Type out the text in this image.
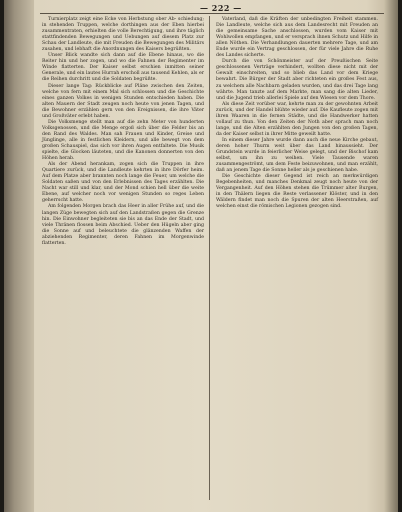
— 222 —

Turnierplatz zeigt eine Ecke von Herbstung ober Ab- schiedung; in stehenden Truppen, welche dorthingen aus der Eben hierbei zusammentraten, erhielten die volle Berechtigung, und ihre täglich stattfindenden Bewegungen und Uebungen auf diesem Platz zur Schau der Landleute, die mit Freuden die Bewegungen des Militärs zusahen, und lebhaft die Anordnungen des Kaisers begrüßten.

Unser Blick wandte sich dann auf die Ebene hinaus, wo die Reiter hin und her zogen, und wo die Fahnen der Regimenter im Winde flatterten. Der Kaiser selbst erschien inmitten seiner Generale, und ein lautes Hurrah erscholl aus tausend Kehlen, als er die Reihen durchritt und die Soldaten begrüßte.

Dieser lange Tag: Rückblicke auf Pläne zwischen den Zeiten, welche von fern mit einem Mal sich schlossen und die Geschichte eines ganzen Volkes in wenigen Stunden entschieden haben. Die alten Mauern der Stadt zeugen noch heute von jenen Tagen, und die Bewohner erzählen gern von den Ereignissen, die ihre Väter und Großväter erlebt haben.

Die Volksmenge stellt man auf die zehn Meter von hunderten Volksgenossen, und die Menge ergoß sich über die Felder bis an den Rand des Waldes. Man sah Frauen und Kinder, Greise und Jünglinge, alle in festlichen Kleidern, und alle bewegt von dem großen Schauspiel, das sich vor ihren Augen entfaltete. Die Musik spielte, die Glocken läuteten, und die Kanonen donnerten von den Höhen herab.

Als der Abend herankam, zogen sich die Truppen in ihre Quartiere zurück, und die Landleute kehrten in ihre Dörfer heim. Auf dem Platze aber brannten noch lange die Feuer, um welche die Soldaten saßen und von den Erlebnissen des Tages erzählten. Die Nacht war still und klar, und der Mond schien hell über die weite Ebene, auf welcher noch vor wenigen Stunden so reges Leben geherrscht hatte.

Am folgenden Morgen brach das Heer in aller Frühe auf, und die langen Züge bewegten sich auf den Landstraßen gegen die Grenze hin. Die Einwohner begleiteten sie bis an das Ende der Stadt, und viele Thränen flossen beim Abschied. Ueber den Hügeln aber ging die Sonne auf und beleuchtete die glänzenden Waffen der abziehenden Regimenter, deren Fahnen im Morgenwinde flatterten.

Vaterland, daß die Kräften der unbedingten Freiheit stammen. Die Landleute, welche sich aus dem Landesrecht mit Freuden an die gemeinsame Sache anschlossen, wurden vom Kaiser mit Wohlwollen empfangen, und er versprach ihnen Schutz und Hilfe in allen Nöthen. Die Verhandlungen dauerten mehrere Tage, und am Ende wurde ein Vertrag geschlossen, der für viele Jahre die Ruhe des Landes sicherte.

Durch die von Schönmeister auf der Preußischen Seite geschlossenen Verträge verhindert, wollten diese nicht mit der Gewalt einschreiten, und so blieb das Land vor dem Kriege bewahrt. Die Bürger der Stadt aber richteten ein großes Fest aus, zu welchem alle Nachbarn geladen wurden, und das drei Tage lang währte. Man tanzte auf dem Markte, man sang die alten Lieder, und die Jugend trieb allerlei Spiele auf den Wiesen vor dem Thore.

Als diese Zeit vorüber war, kehrte man zu der gewohnten Arbeit zurück, und der Handel blühte wieder auf. Die Kaufleute zogen mit ihren Waaren in die fernen Städte, und die Handwerker hatten vollauf zu thun. Von den Zeiten der Noth aber sprach man noch lange, und die Alten erzählten den Jungen von den großen Tagen, da der Kaiser selbst in ihrer Mitte geweilt hatte.

In einem dieser Jahre wurde dann auch die neue Kirche gebaut, deren hoher Thurm weit über das Land hinaussieht. Der Grundstein wurde in feierlicher Weise gelegt, und der Bischof kam selbst, um ihn zu weihen. Viele Tausende waren zusammengeströmt, um dem Feste beizuwohnen, und man erzählt, daß an jenem Tage die Sonne heller als je geschienen habe.

Die Geschichte dieser Gegend ist reich an merkwürdigen Begebenheiten, und manches Denkmal zeugt noch heute von der Vergangenheit. Auf den Höhen stehen die Trümmer alter Burgen, in den Thälern liegen die Reste verlassener Klöster, und in den Wäldern findet man noch die Spuren der alten Heerstraßen, auf welchen einst die römischen Legionen gezogen sind.
